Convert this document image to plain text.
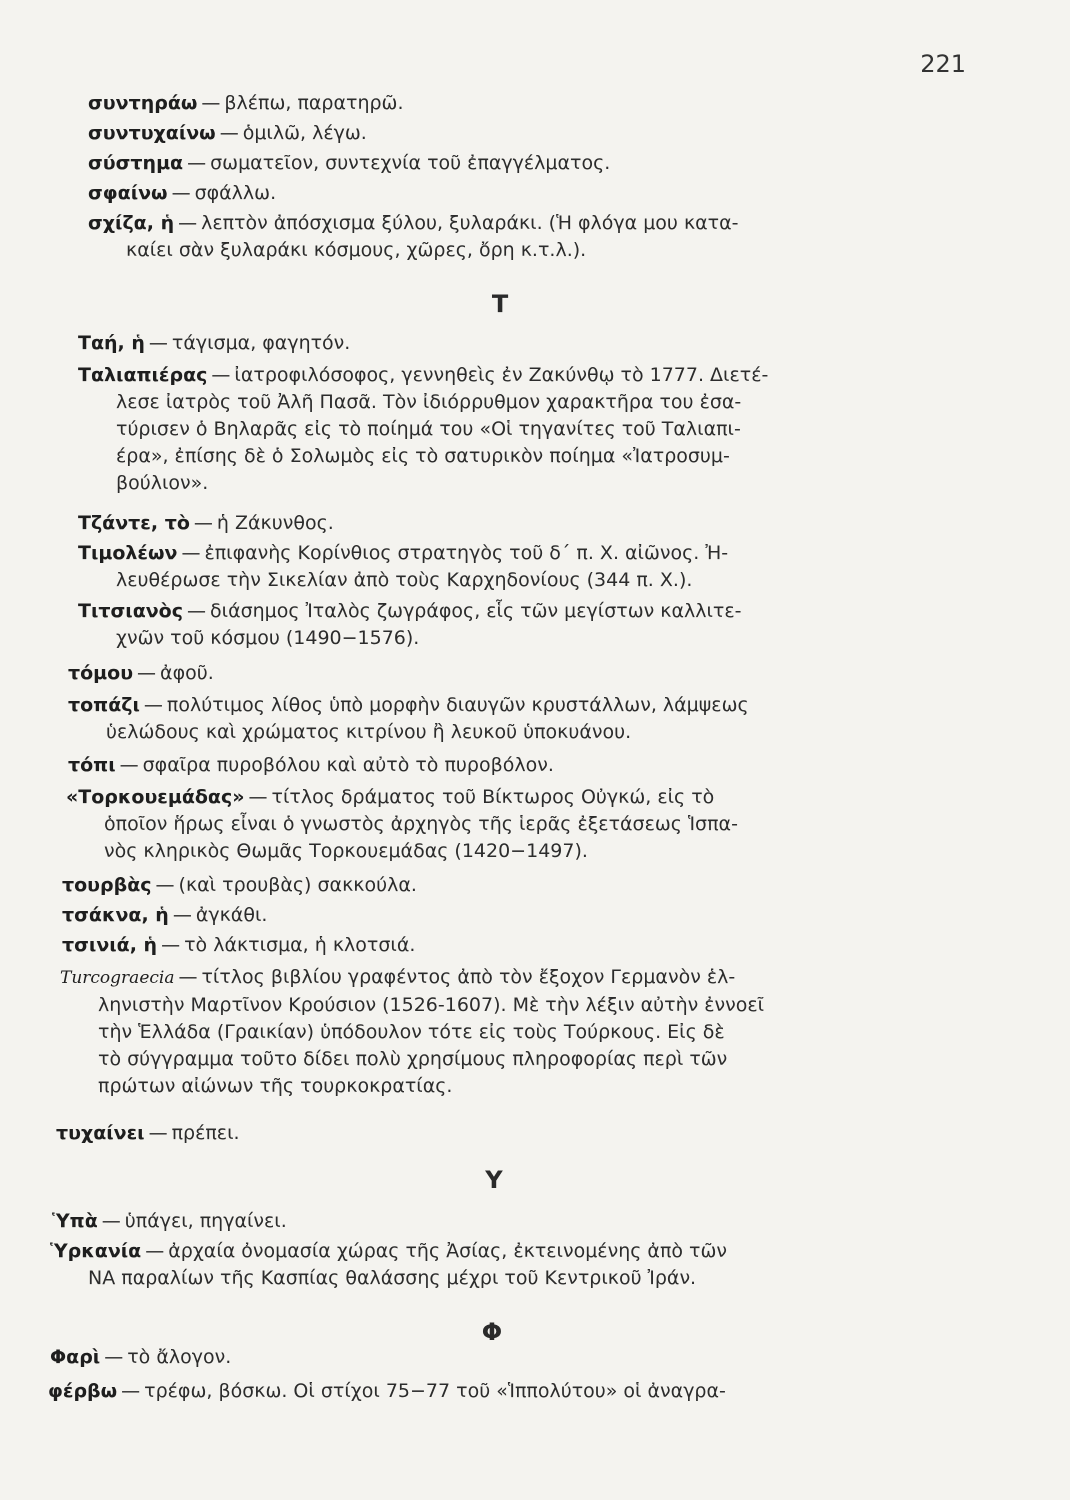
221
συντηράω — βλέπω, παρατηρῶ.
συντυχαίνω — ὁμιλῶ, λέγω.
σύστημα — σωματεῖον, συντεχνία τοῦ ἐπαγγέλματος.
σφαίνω — σφάλλω.
σχίζα, ἡ — λεπτὸν ἀπόσχισμα ξύλου, ξυλαράκι. (Ἡ φλόγα μου κατα-
καίει σὰν ξυλαράκι κόσμους, χῶρες, ὄρη κ.τ.λ.).
Τ
Ταή, ἡ — τάγισμα, φαγητόν.
Ταλιαπιέρας — ἰατροφιλόσοφος, γεννηθεὶς ἐν Ζακύνθῳ τὸ 1777. Διετέ-
λεσε ἰατρὸς τοῦ Ἀλῆ Πασᾶ. Τὸν ἰδιόρρυθμον χαρακτῆρα του ἐσα-
τύρισεν ὁ Βηλαρᾶς εἰς τὸ ποίημά του «Οἱ τηγανίτες τοῦ Ταλιαπι-
έρα», ἐπίσης δὲ ὁ Σολωμὸς εἰς τὸ σατυρικὸν ποίημα «Ἰατροσυμ-
βούλιον».
Τζάντε, τὸ — ἡ Ζάκυνθος.
Τιμολέων — ἐπιφανὴς Κορίνθιος στρατηγὸς τοῦ δ΄ π. Χ. αἰῶνος. Ἠ-
λευθέρωσε τὴν Σικελίαν ἀπὸ τοὺς Καρχηδονίους (344 π. Χ.).
Τιτσιανὸς — διάσημος Ἰταλὸς ζωγράφος, εἷς τῶν μεγίστων καλλιτε-
χνῶν τοῦ κόσμου (1490−1576).
τόμου — ἀφοῦ.
τοπάζι — πολύτιμος λίθος ὑπὸ μορφὴν διαυγῶν κρυστάλλων, λάμψεως
ὑελώδους καὶ χρώματος κιτρίνου ἢ λευκοῦ ὑποκυάνου.
τόπι — σφαῖρα πυροβόλου καὶ αὐτὸ τὸ πυροβόλον.
«Τορκουεμάδας» — τίτλος δράματος τοῦ Βίκτωρος Οὐγκώ, εἰς τὸ
ὁποῖον ἥρως εἶναι ὁ γνωστὸς ἀρχηγὸς τῆς ἱερᾶς ἐξετάσεως Ἱσπα-
νὸς κληρικὸς Θωμᾶς Τορκουεμάδας (1420−1497).
τουρβὰς — (καὶ τρουβὰς) σακκούλα.
τσάκνα, ἡ — ἀγκάθι.
τσινιά, ἡ — τὸ λάκτισμα, ἡ κλοτσιά.
Turcograecia — τίτλος βιβλίου γραφέντος ἀπὸ τὸν ἔξοχον Γερμανὸν ἑλ-
ληνιστὴν Μαρτῖνον Κρούσιον (1526-1607). Μὲ τὴν λέξιν αὐτὴν ἐννοεῖ
τὴν Ἑλλάδα (Γραικίαν) ὑπόδουλον τότε εἰς τοὺς Τούρκους. Εἰς δὲ
τὸ σύγγραμμα τοῦτο δίδει πολὺ χρησίμους πληροφορίας περὶ τῶν
πρώτων αἰώνων τῆς τουρκοκρατίας.
τυχαίνει — πρέπει.
Υ
Ὑπὰ — ὑπάγει, πηγαίνει.
Ὑρκανία — ἀρχαία ὀνομασία χώρας τῆς Ἀσίας, ἐκτεινομένης ἀπὸ τῶν
ΝΑ παραλίων τῆς Κασπίας θαλάσσης μέχρι τοῦ Κεντρικοῦ Ἰράν.
Φ
Φαρὶ — τὸ ἄλογον.
φέρβω — τρέφω, βόσκω. Οἱ στίχοι 75−77 τοῦ «Ἱππολύτου» οἱ ἀναγρα-
